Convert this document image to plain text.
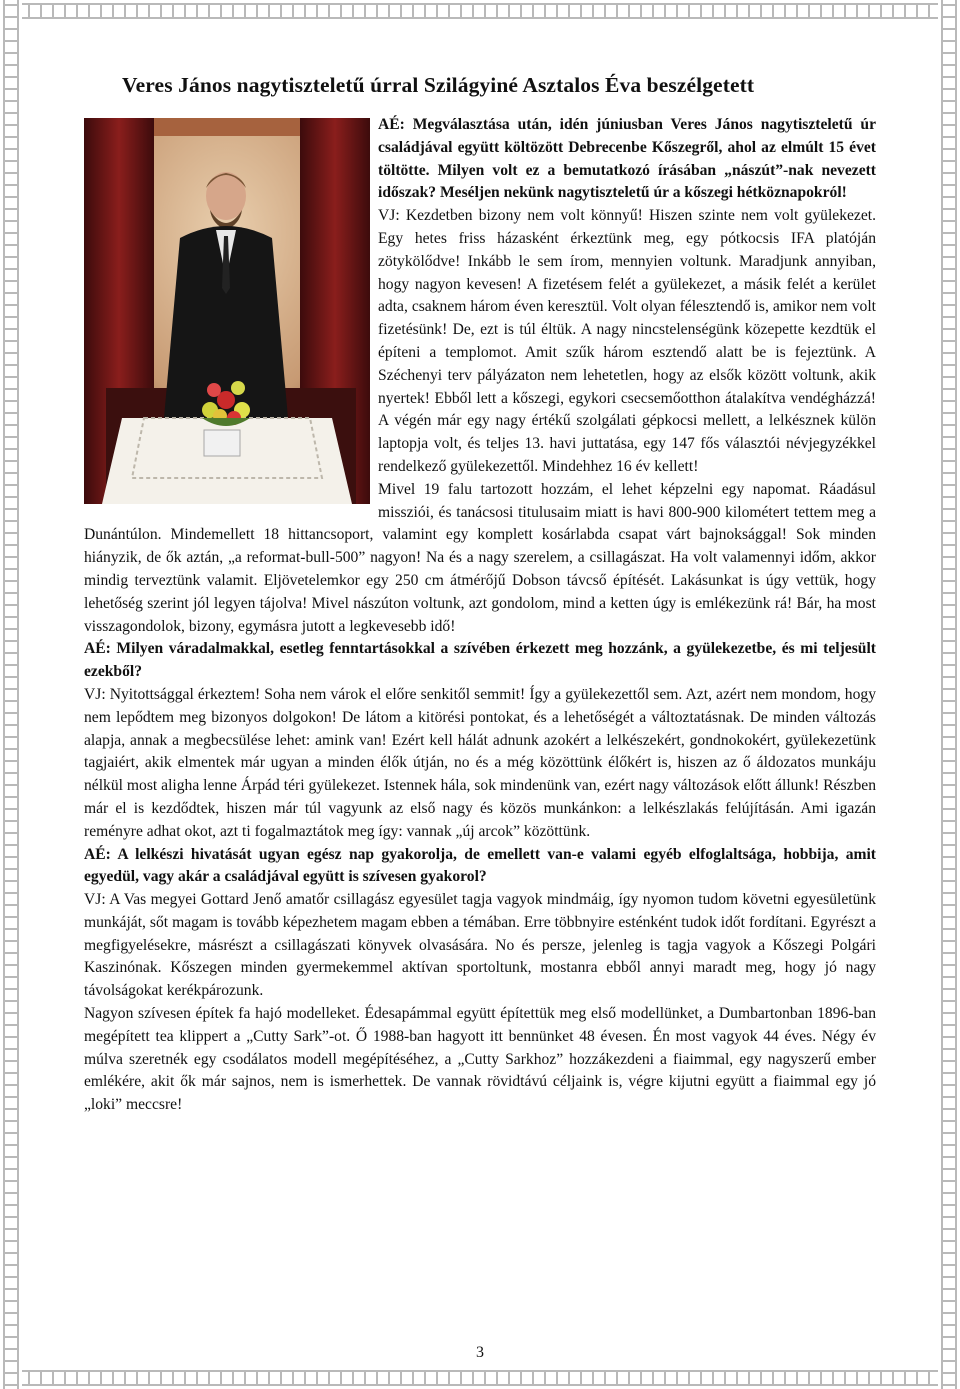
Veres János nagytiszteletű úrral Szilágyiné Asztalos Éva beszélgetett

AÉ: Megválasztása után, idén júniusban Veres János nagytiszteletű úr családjával együtt költözött Debrecenbe Kőszegről, ahol az elmúlt 15 évet töltötte. Milyen volt ez a bemutatkozó írásában „nászút”-nak nevezett időszak? Meséljen nekünk nagytiszteletű úr a kőszegi hétköznapokról!

VJ: Kezdetben bizony nem volt könnyű! Hiszen szinte nem volt gyülekezet. Egy hetes friss házasként érkeztünk meg, egy pótkocsis IFA platóján zötykölődve! Inkább le sem írom, mennyien voltunk. Maradjunk annyiban, hogy nagyon kevesen! A fizetésem felét a gyülekezet, a másik felét a kerület adta, csaknem három éven keresztül. Volt olyan félesztendő is, amikor nem volt fizetésünk! De, ezt is túl éltük. A nagy nincstelenségünk közepette kezdtük el építeni a templomot. Amit szűk három esztendő alatt be is fejeztünk. A Széchenyi terv pályázaton nem lehetetlen, hogy az elsők között voltunk, akik nyertek! Ebből lett a kőszegi, egykori csecsemőotthon átalakítva vendégházzá! A végén már egy nagy értékű szolgálati gépkocsi mellett, a lelkésznek külön laptopja volt, és teljes 13. havi juttatása, egy 147 fős választói névjegyzékkel rendelkező gyülekezettől. Mindehhez 16 év kellett!

Mivel 19 falu tartozott hozzám, el lehet képzelni egy napomat. Ráadásul missziói, és tanácsosi titulusaim miatt is havi 800-900 kilométert tettem meg a Dunántúlon. Mindemellett 18 hittancsoport, valamint egy komplett kosárlabda csapat várt bajnoksággal! Sok minden hiányzik, de ők aztán, „a reformat-bull-500” nagyon! Na és a nagy szerelem, a csillagászat. Ha volt valamennyi időm, akkor mindig terveztünk valamit. Eljövetelemkor egy 250 cm átmérőjű Dobson távcső építését. Lakásunkat is úgy vettük, hogy lehetőség szerint jól legyen tájolva! Mivel nászúton voltunk, azt gondolom, mind a ketten úgy is emlékezünk rá! Bár, ha most visszagondolok, bizony, egymásra jutott a legkevesebb idő!

AÉ: Milyen váradalmakkal, esetleg fenntartásokkal a szívében érkezett meg hozzánk, a gyülekezetbe, és mi teljesült ezekből?

VJ: Nyitottsággal érkeztem! Soha nem várok el előre senkitől semmit! Így a gyülekezettől sem. Azt, azért nem mondom, hogy nem lepődtem meg bizonyos dolgokon! De látom a kitörési pontokat, és a lehetőségét a változtatásnak. De minden változás alapja, annak a megbecsülése lehet: amink van! Ezért kell hálát adnunk azokért a lelkészekért, gondnokokért, gyülekezetünk tagjaiért, akik elmentek már ugyan a minden élők útján, no és a még közöttünk élőkért is, hiszen az ő áldozatos munkáju nélkül most aligha lenne Árpád téri gyülekezet. Istennek hála, sok mindenünk van, ezért nagy változások előtt állunk! Részben már el is kezdődtek, hiszen már túl vagyunk az első nagy és közös munkánkon: a lelkészlakás felújításán. Ami igazán reményre adhat okot, azt ti fogalmaztátok meg így: vannak „új arcok” közöttünk.

AÉ: A lelkészi hivatását ugyan egész nap gyakorolja, de emellett van-e valami egyéb elfoglaltsága, hobbija, amit egyedül, vagy akár a családjával együtt is szívesen gyakorol?

VJ: A Vas megyei Gottard Jenő amatőr csillagász egyesület tagja vagyok mindmáig, így nyomon tudom követni egyesületünk munkáját, sőt magam is tovább képezhetem magam ebben a témában. Erre többnyire esténként tudok időt fordítani. Egyrészt a megfigyelésekre, másrészt a csillagászati könyvek olvasására. No és persze, jelenleg is tagja vagyok a Kőszegi Polgári Kaszinónak. Kőszegen minden gyermekemmel aktívan sportoltunk, mostanra ebből annyi maradt meg, hogy jó nagy távolságokat kerékpározunk.

Nagyon szívesen építek fa hajó modelleket. Édesapámmal együtt építettük meg első modellünket, a Dumbartonban 1896-ban megépített tea klippert a „Cutty Sark”-ot. Ő 1988-ban hagyott itt bennünket 48 évesen. Én most vagyok 44 éves. Négy év múlva szeretnék egy csodálatos modell megépítéséhez, a „Cutty Sarkhoz” hozzákezdeni a fiaimmal, egy nagyszerű ember emlékére, akit ők már sajnos, nem is ismerhettek. De vannak rövidtávú céljaink is, végre kijutni együtt a fiaimmal egy jó „loki” meccsre!

3
